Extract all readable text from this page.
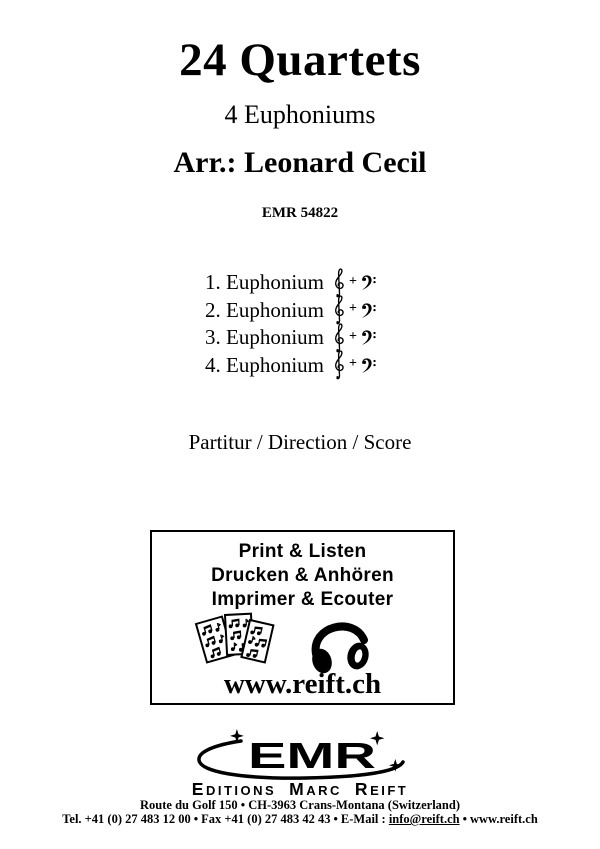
24 Quartets
4 Euphoniums
Arr.: Leonard Cecil
EMR 54822
1. Euphonium +
2. Euphonium +
3. Euphonium +
4. Euphonium +
Partitur / Direction / Score
Print & Listen
Drucken & Anhören
Imprimer & Ecouter
www.reift.ch
EMR
EDITIONS MARC REIFT
Route du Golf 150 • CH-3963 Crans-Montana (Switzerland)
Tel. +41 (0) 27 483 12 00 • Fax +41 (0) 27 483 42 43 • E-Mail : info@reift.ch • www.reift.ch
